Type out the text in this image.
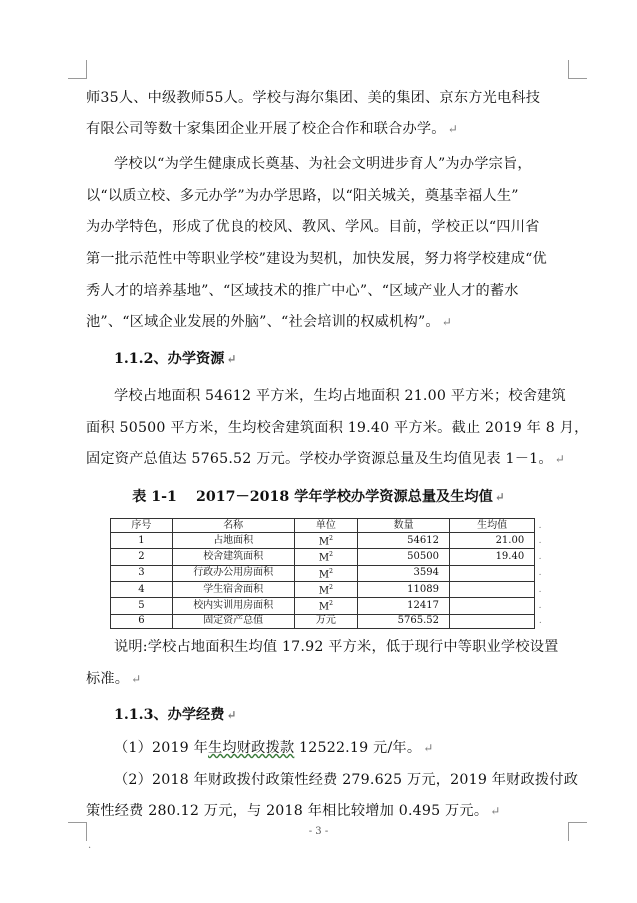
师35人、中级教师55人。学校与海尔集团、美的集团、京东方光电科技
有限公司等数十家集团企业开展了校企合作和联合办学。 ↵
学校以“为学生健康成长奠基、为社会文明进步育人”为办学宗旨，
以“以质立校、多元办学”为办学思路，以“阳关城关，奠基幸福人生”
为办学特色，形成了优良的校风、教风、学风。目前，学校正以“四川省
第一批示范性中等职业学校”建设为契机，加快发展，努力将学校建成“优
秀人才的培养基地”、“区域技术的推广中心”、“区域产业人才的蓄水
池”、“区域企业发展的外脑”、“社会培训的权威机构”。 ↵
1.1.2、办学资源 ↵
学校占地面积 54612 平方米，生均占地面积 21.00 平方米；校舍建筑
面积 50500 平方米，生均校舍建筑面积 19.40 平方米。截止 2019 年 8 月，
固定资产总值达 5765.52 万元。学校办学资源总量及生均值见表 1－1。 ↵
表 1-1　 2017－2018 学年学校办学资源总量及生均值 ↵
序号	名称	单位	数量	生均值	.
1	占地面积	$M^2$	54612	21.00	.
2	校舍建筑面积	$M^2$	50500	19.40	.
3	行政办公用房面积	$M^2$	3594		.
4	学生宿舍面积	$M^2$	11089		.
5	校内实训用房面积	$M^2$	12417		.
6	固定资产总值	万元	5765.52		.
说明:学校占地面积生均值 17.92 平方米，低于现行中等职业学校设置
标准。 ↵
1.1.3、办学经费 ↵
（1）2019 年生均财政拨款 12522.19 元/年。 ↵
（2）2018 年财政拨付政策性经费 279.625 万元，2019 年财政拨付政
策性经费 280.12 万元，与 2018 年相比较增加 0.495 万元。 ↵
- 3 -
.
